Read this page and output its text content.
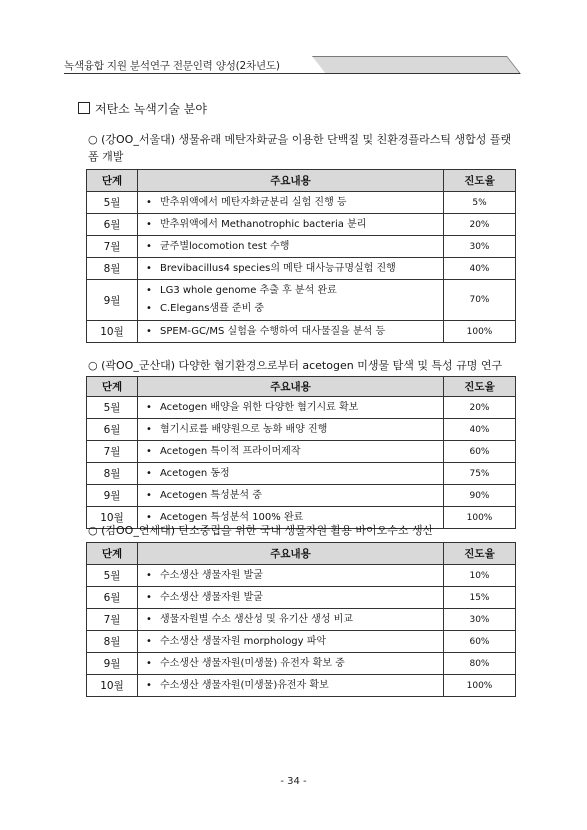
녹색융합 지원 분석연구 전문인력 양성(2차년도)
저탄소 녹색기술 분야
○ (강OO_서울대) 생물유래 메탄자화균을 이용한 단백질 및 친환경플라스틱 생합성 플랫폼 개발
단계	주요내용	진도율
5월	• 반추위액에서 메탄자화균분리 실험 진행 등	5%
6월	• 반추위액에서 Methanotrophic bacteria 분리	20%
7월	• 균주별locomotion test 수행	30%
8월	• Brevibacillus4 species의 메탄 대사능규명실험 진행	40%
9월	• LG3 whole genome 추출 후 분석 완료
• C.Elegans샘플 준비 중	70%
10월	• SPEM-GC/MS 실험을 수행하여 대사물질을 분석 등	100%
○ (곽OO_군산대) 다양한 혐기환경으로부터 acetogen 미생물 탐색 및 특성 규명 연구
단계	주요내용	진도율
5월	• Acetogen 배양을 위한 다양한 혐기시료 확보	20%
6월	• 혐기시료를 배양원으로 농화 배양 진행	40%
7월	• Acetogen 특이적 프라이머제작	60%
8월	• Acetogen 동정	75%
9월	• Acetogen 특성분석 중	90%
10월	• Acetogen 특성분석 100% 완료	100%
○ (김OO_연세대) 탄소중립을 위한 국내 생물자원 활용 바이오수소 생산
단계	주요내용	진도율
5월	• 수소생산 생물자원 발굴	10%
6월	• 수소생산 생물자원 발굴	15%
7월	• 생물자원별 수소 생산성 및 유기산 생성 비교	30%
8월	• 수소생산 생물자원 morphology 파악	60%
9월	• 수소생산 생물자원(미생물) 유전자 확보 중	80%
10월	• 수소생산 생물자원(미생물)유전자 확보	100%
- 34 -
